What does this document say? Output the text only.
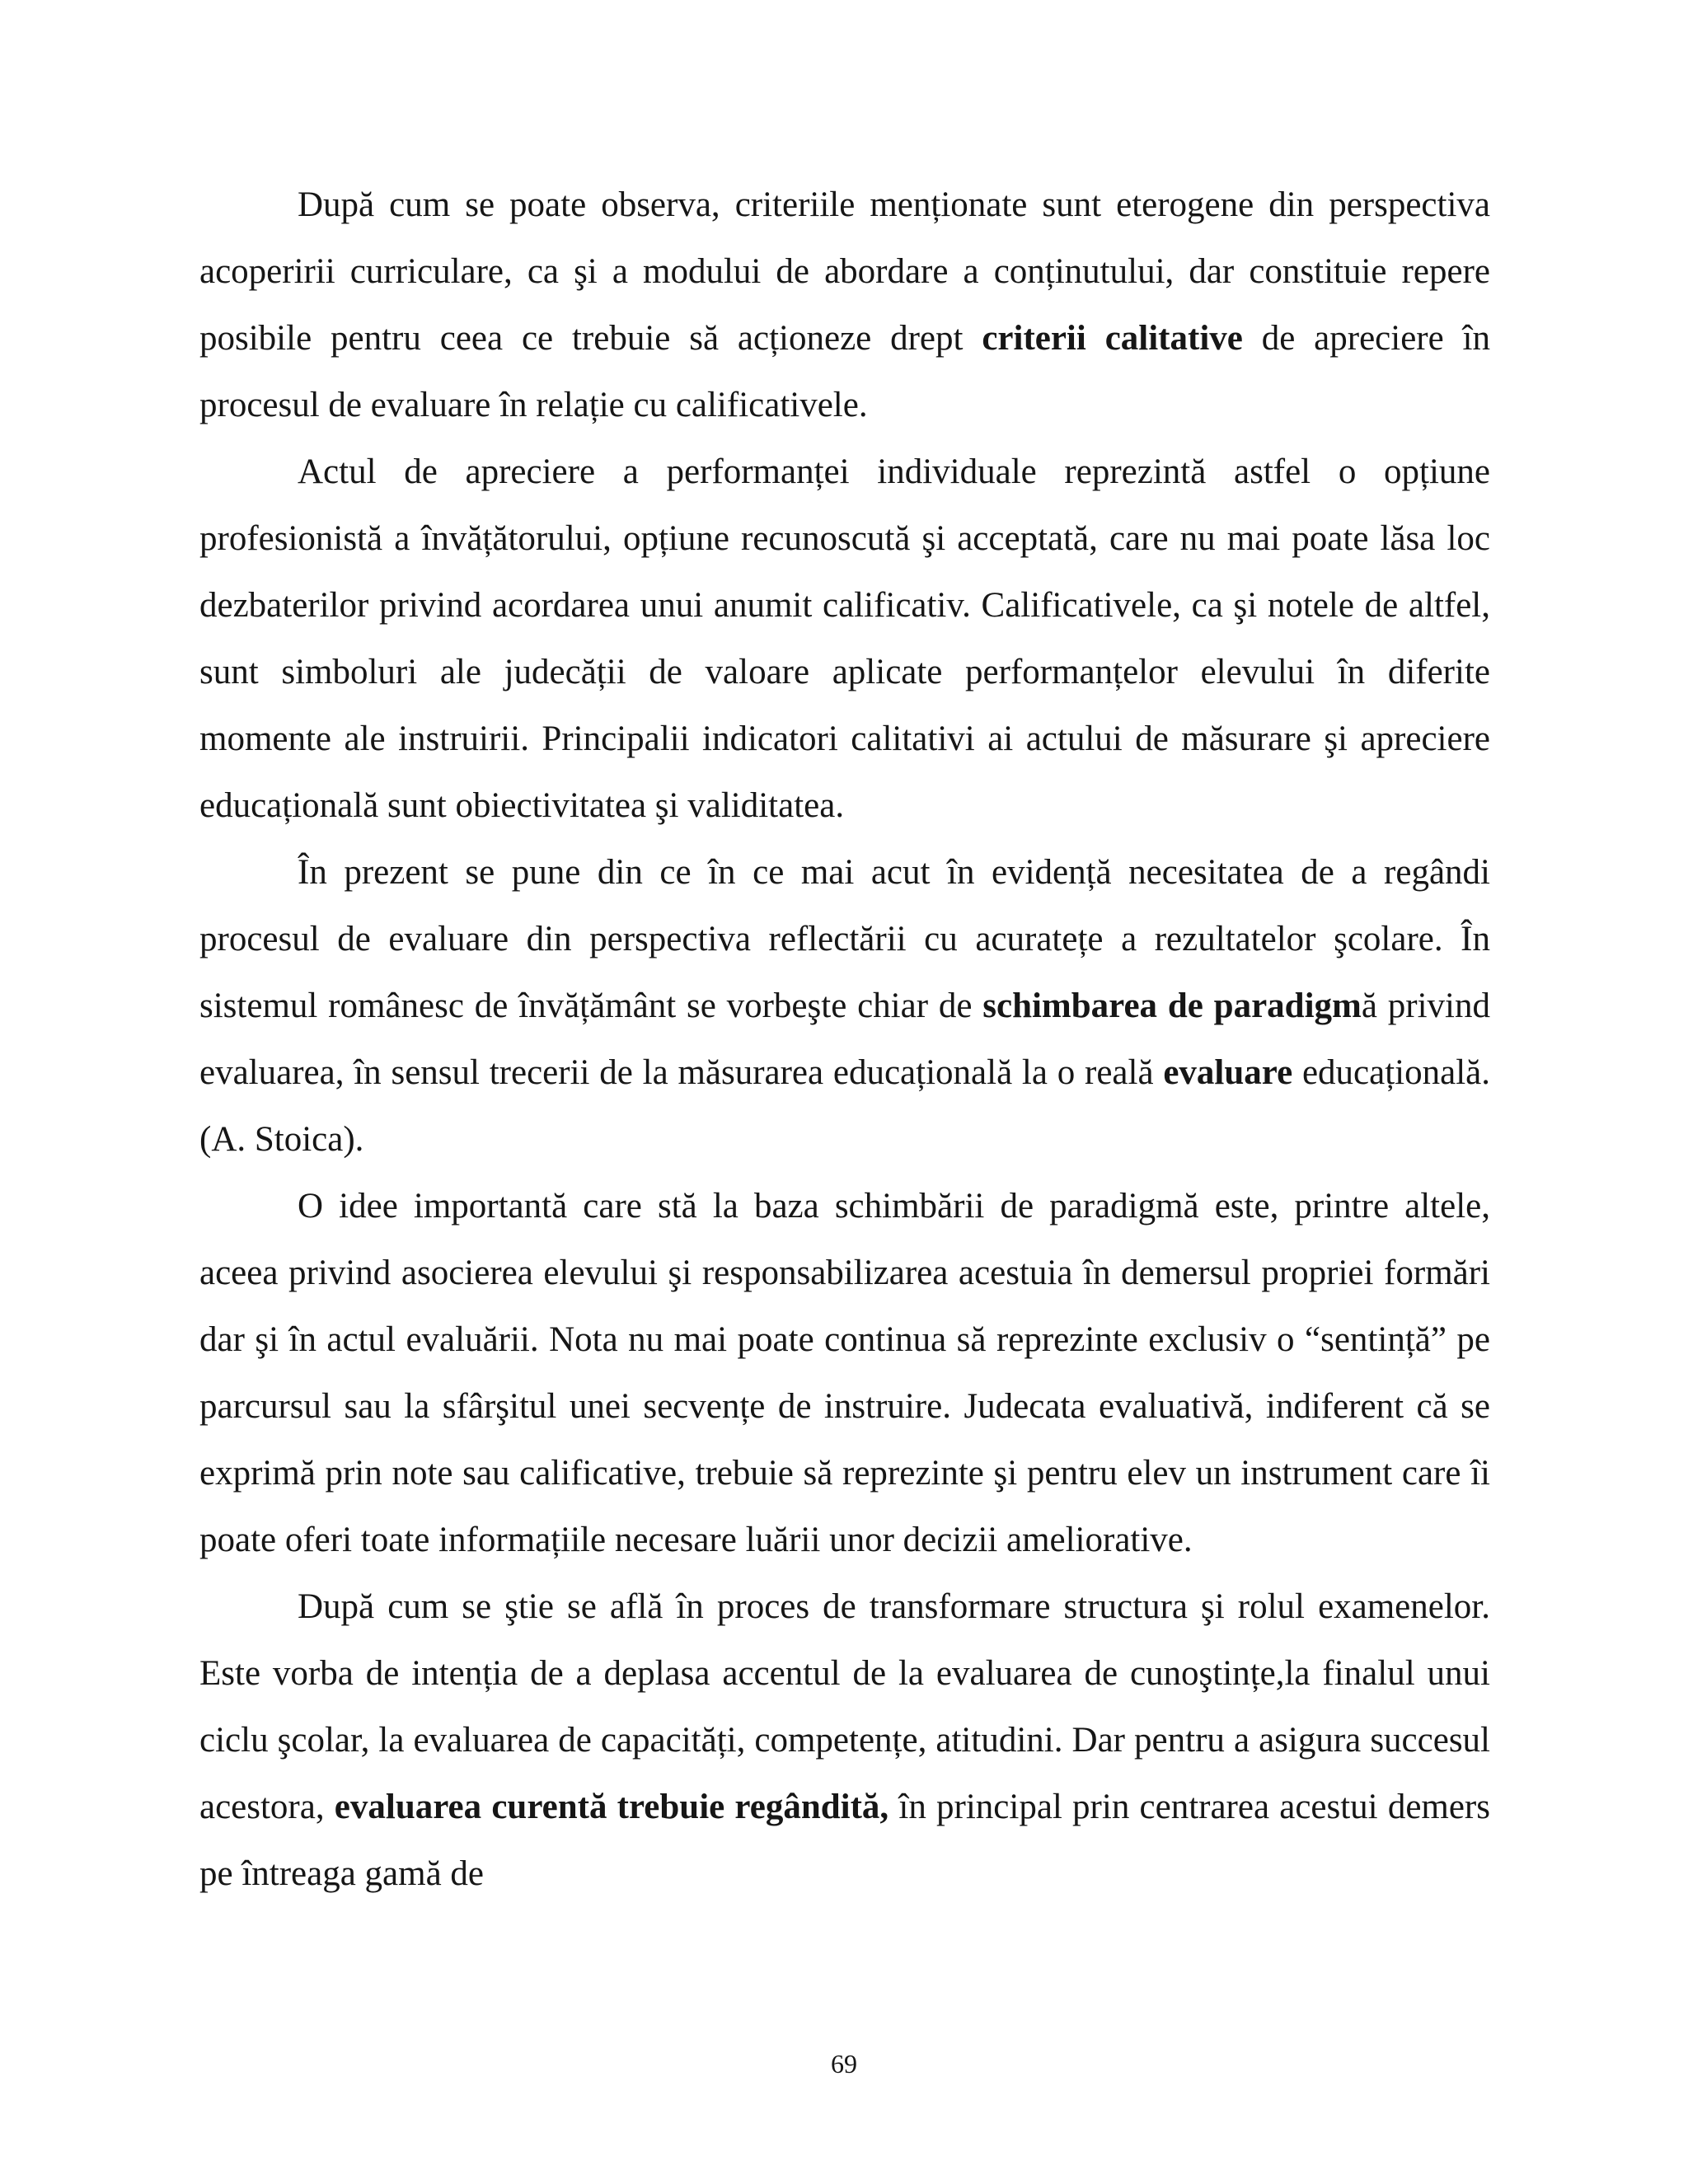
După cum se poate observa, criteriile menționate sunt eterogene din perspectiva acoperirii curriculare, ca şi a modului de abordare a conținutului, dar constituie repere posibile pentru ceea ce trebuie să acționeze drept criterii calitative de apreciere în procesul de evaluare în relație cu calificativele.

Actul de apreciere a performanței individuale reprezintă astfel o opțiune profesionistă a învățătorului, opțiune recunoscută şi acceptată, care nu mai poate lăsa loc dezbaterilor privind acordarea unui anumit calificativ. Calificativele, ca şi notele de altfel, sunt simboluri ale judecății de valoare aplicate performanțelor elevului în diferite momente ale instruirii. Principalii indicatori calitativi ai actului de măsurare şi apreciere educațională sunt obiectivitatea şi validitatea.

În prezent se pune din ce în ce mai acut în evidență necesitatea de a regândi procesul de evaluare din perspectiva reflectării cu acuratețe a rezultatelor şcolare. În sistemul românesc de învățământ se vorbeşte chiar de schimbarea de paradigmă privind evaluarea, în sensul trecerii de la măsurarea educațională la o reală evaluare educațională. (A. Stoica).

O idee importantă care stă la baza schimbării de paradigmă este, printre altele, aceea privind asocierea elevului şi responsabilizarea acestuia în demersul propriei formări dar şi în actul evaluării. Nota nu mai poate continua să reprezinte exclusiv o “sentință” pe parcursul sau la sfârşitul unei secvențe de instruire. Judecata evaluativă, indiferent că se exprimă prin note sau calificative, trebuie să reprezinte şi pentru elev un instrument care îi poate oferi toate informațiile necesare luării unor decizii ameliorative.

După cum se ştie se află în proces de transformare structura şi rolul examenelor. Este vorba de intenția de a deplasa accentul de la evaluarea de cunoştințe,la finalul unui ciclu şcolar, la evaluarea de capacități, competențe, atitudini. Dar pentru a asigura succesul acestora, evaluarea curentă trebuie regândită, în principal prin centrarea acestui demers pe întreaga gamă de

69
